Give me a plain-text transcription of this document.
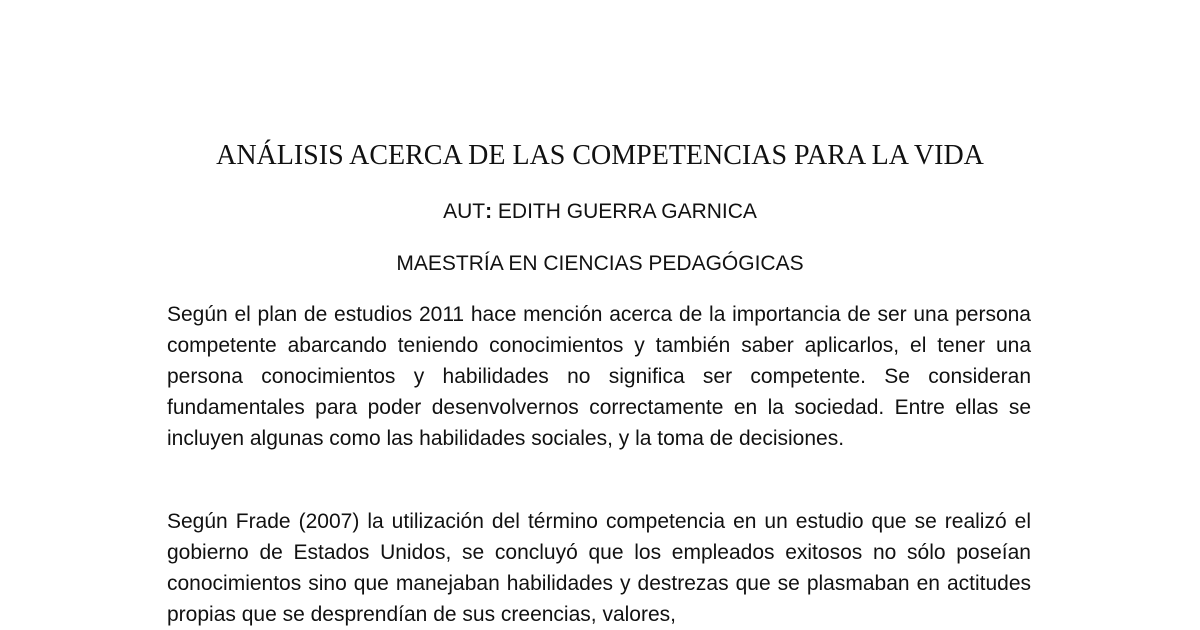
ANÁLISIS ACERCA DE LAS COMPETENCIAS PARA LA VIDA

AUT: EDITH GUERRA GARNICA

MAESTRÍA EN CIENCIAS PEDAGÓGICAS

Según el plan de estudios 2011 hace mención acerca de la importancia de ser una persona competente abarcando teniendo conocimientos y también saber aplicarlos, el tener una persona conocimientos y habilidades no significa ser competente. Se consideran fundamentales para poder desenvolvernos correctamente en la sociedad. Entre ellas se incluyen algunas como las habilidades sociales, y la toma de decisiones.

Según Frade (2007) la utilización del término competencia en un estudio que se realizó el gobierno de Estados Unidos, se concluyó que los empleados exitosos no sólo poseían conocimientos sino que manejaban habilidades y destrezas que se plasmaban en actitudes propias que se desprendían de sus creencias, valores,
